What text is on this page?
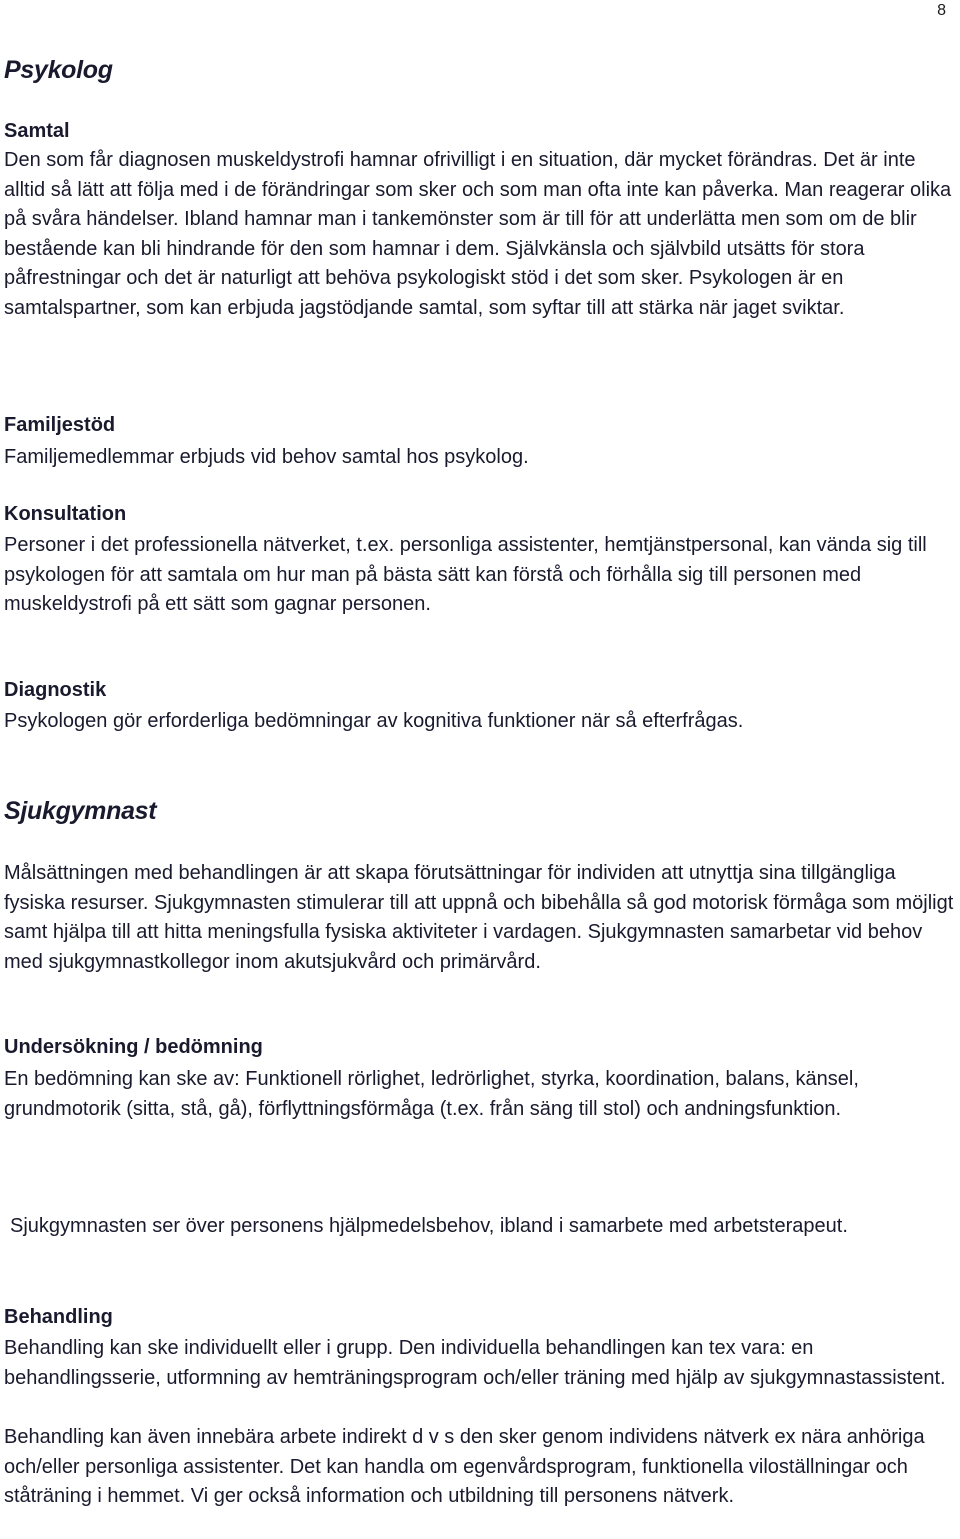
8
Psykolog
Samtal

Den som får diagnosen muskeldystrofi hamnar ofrivilligt i en situation, där mycket förändras. Det är inte alltid så lätt att följa med i de förändringar som sker och som man ofta inte kan påverka. Man reagerar olika på svåra händelser. Ibland hamnar man i tankemönster som är till för att underlätta men som om de blir bestående kan bli hindrande för den som hamnar i dem. Självkänsla och självbild utsätts för stora påfrestningar och det är naturligt att behöva psykologiskt stöd i det som sker. Psykologen är en samtalspartner, som kan erbjuda jagstödjande samtal, som syftar till att stärka när jaget sviktar.

Familjestöd

Familjemedlemmar erbjuds vid behov samtal hos psykolog.

Konsultation

Personer i det professionella nätverket, t.ex. personliga assistenter, hemtjänstpersonal, kan vända sig till psykologen för att samtala om hur man på bästa sätt kan förstå och förhålla sig till personen med muskeldystrofi på ett sätt som gagnar personen.

Diagnostik

Psykologen gör erforderliga bedömningar av kognitiva funktioner när så efterfrågas.

Sjukgymnast

Målsättningen med behandlingen är att skapa förutsättningar för individen att utnyttja sina tillgängliga fysiska resurser. Sjukgymnasten stimulerar till att uppnå och bibehålla så god motorisk förmåga som möjligt samt hjälpa till att hitta meningsfulla fysiska aktiviteter i vardagen. Sjukgymnasten samarbetar vid behov med sjukgymnastkollegor inom akutsjukvård och primärvård.

Undersökning / bedömning

En bedömning kan ske av: Funktionell rörlighet, ledrörlighet, styrka, koordination, balans, känsel, grundmotorik (sitta, stå, gå), förflyttningsförmåga (t.ex. från säng till stol) och andningsfunktion.

Sjukgymnasten ser över personens hjälpmedelsbehov, ibland i samarbete med arbetsterapeut.

Behandling

Behandling kan ske individuellt eller i grupp. Den individuella behandlingen kan tex vara: en behandlingsserie, utformning av hemträningsprogram och/eller träning med hjälp av sjukgymnastassistent.

Behandling kan även innebära arbete indirekt d v s den sker genom individens nätverk ex nära anhöriga och/eller personliga assistenter. Det kan handla om egenvårdsprogram, funktionella viloställningar och ståträning i hemmet. Vi ger också information och utbildning till personens nätverk.
